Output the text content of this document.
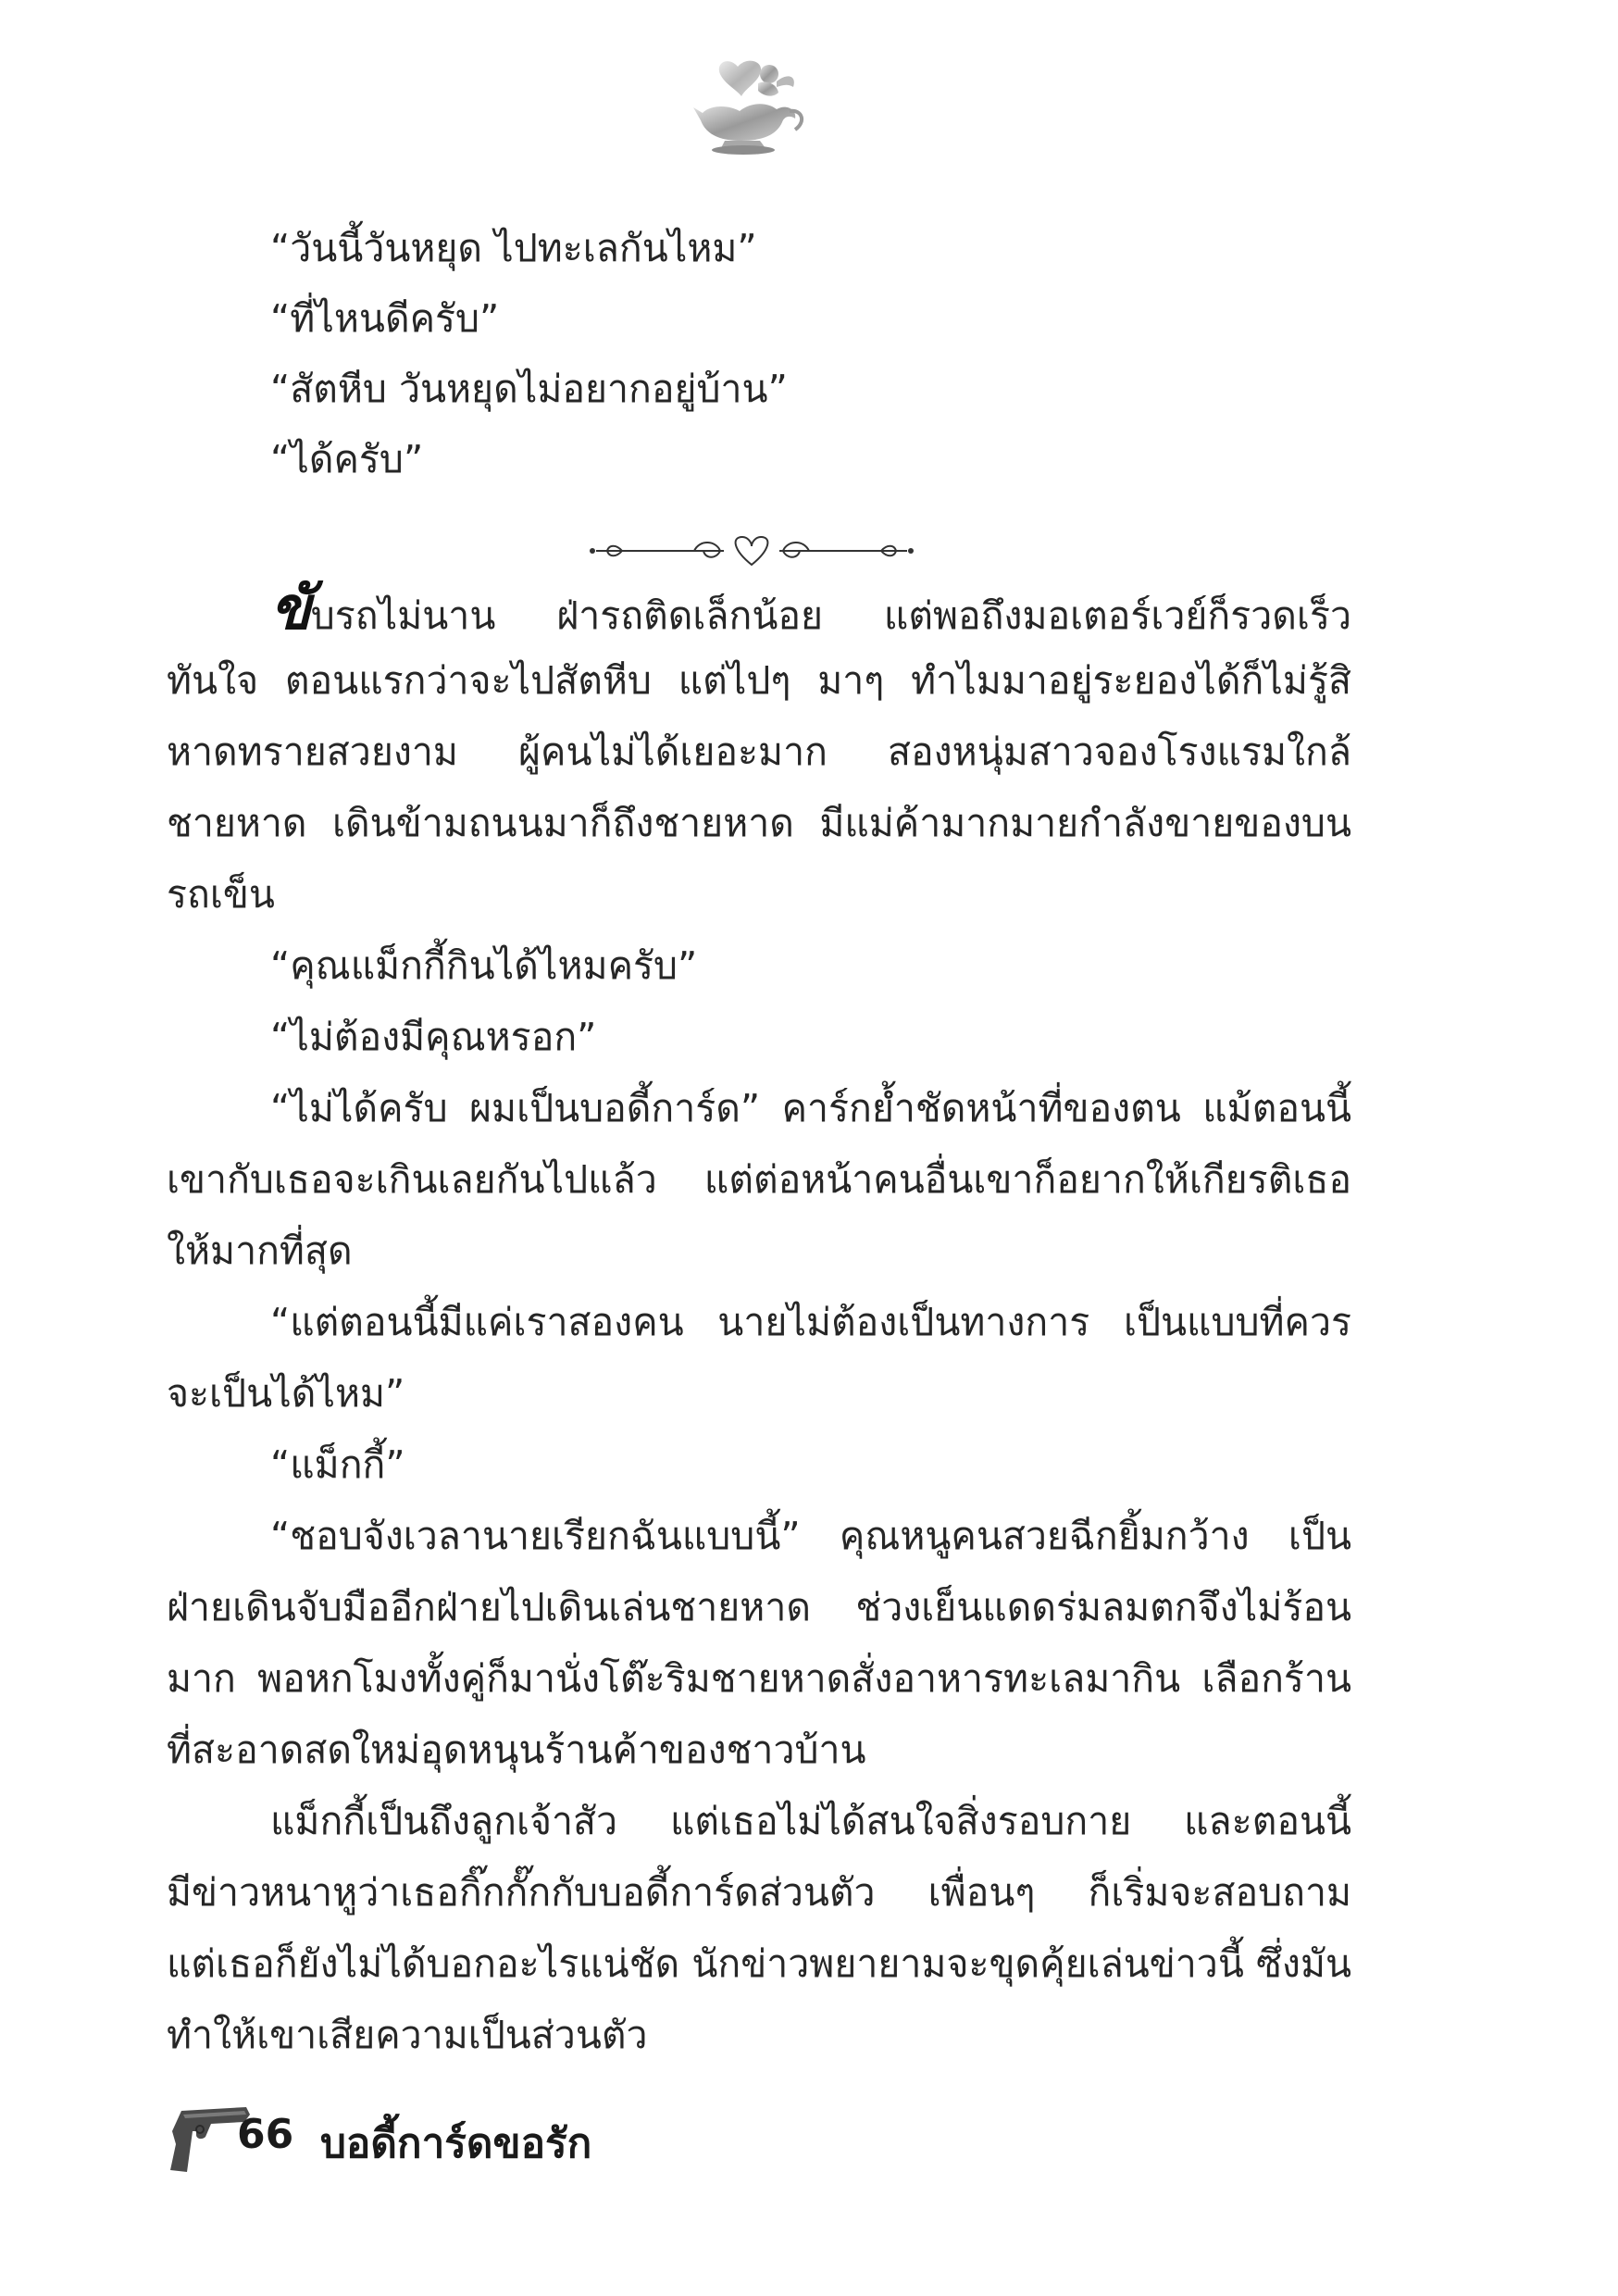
“วันนี้วันหยุด ไปทะเลกันไหม”

“ที่ไหนดีครับ”

“สัตหีบ วันหยุดไม่อยากอยู่บ้าน”

“ได้ครับ”

ขับรถไม่นาน ฝ่ารถติดเล็กน้อย แต่พอถึงมอเตอร์เวย์ก็รวดเร็ว
ทันใจ ตอนแรกว่าจะไปสัตหีบ แต่ไปๆ มาๆ ทำไมมาอยู่ระยองได้ก็ไม่รู้สิ
หาดทรายสวยงาม ผู้คนไม่ได้เยอะมาก สองหนุ่มสาวจองโรงแรมใกล้
ชายหาด เดินข้ามถนนมาก็ถึงชายหาด มีแม่ค้ามากมายกำลังขายของบน
รถเข็น
“คุณแม็กกี้กินได้ไหมครับ”
“ไม่ต้องมีคุณหรอก”
“ไม่ได้ครับ ผมเป็นบอดี้การ์ด” คาร์กย้ำชัดหน้าที่ของตน แม้ตอนนี้
เขากับเธอจะเกินเลยกันไปแล้ว แต่ต่อหน้าคนอื่นเขาก็อยากให้เกียรติเธอ
ให้มากที่สุด
“แต่ตอนนี้มีแค่เราสองคน นายไม่ต้องเป็นทางการ เป็นแบบที่ควร
จะเป็นได้ไหม”
“แม็กกี้”
“ชอบจังเวลานายเรียกฉันแบบนี้” คุณหนูคนสวยฉีกยิ้มกว้าง เป็น
ฝ่ายเดินจับมืออีกฝ่ายไปเดินเล่นชายหาด ช่วงเย็นแดดร่มลมตกจึงไม่ร้อน
มาก พอหกโมงทั้งคู่ก็มานั่งโต๊ะริมชายหาดสั่งอาหารทะเลมากิน เลือกร้าน
ที่สะอาดสดใหม่อุดหนุนร้านค้าของชาวบ้าน
แม็กกี้เป็นถึงลูกเจ้าสัว แต่เธอไม่ได้สนใจสิ่งรอบกาย และตอนนี้
มีข่าวหนาหูว่าเธอกิ๊กกั๊กกับบอดี้การ์ดส่วนตัว เพื่อนๆ ก็เริ่มจะสอบถาม
แต่เธอก็ยังไม่ได้บอกอะไรแน่ชัด นักข่าวพยายามจะขุดคุ้ยเล่นข่าวนี้ ซึ่งมัน
ทำให้เขาเสียความเป็นส่วนตัว
66 บอดี้การ์ดขอรัก
